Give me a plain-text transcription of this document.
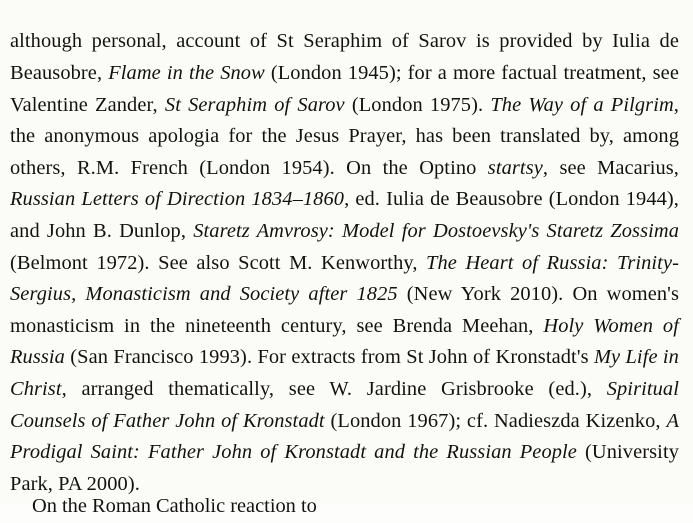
although personal, account of St Seraphim of Sarov is provided by Iulia de Beausobre, Flame in the Snow (London 1945); for a more factual treatment, see Valentine Zander, St Seraphim of Sarov (London 1975). The Way of a Pilgrim, the anonymous apologia for the Jesus Prayer, has been translated by, among others, R.M. French (London 1954). On the Optino startsy, see Macarius, Russian Letters of Direction 1834–1860, ed. Iulia de Beausobre (London 1944), and John B. Dunlop, Staretz Amvrosy: Model for Dostoevsky's Staretz Zossima (Belmont 1972). See also Scott M. Kenworthy, The Heart of Russia: Trinity-Sergius, Monasticism and Society after 1825 (New York 2010). On women's monasticism in the nineteenth century, see Brenda Meehan, Holy Women of Russia (San Francisco 1993). For extracts from St John of Kronstadt's My Life in Christ, arranged thematically, see W. Jardine Grisbrooke (ed.), Spiritual Counsels of Father John of Kronstadt (London 1967); cf. Nadieszda Kizenko, A Prodigal Saint: Father John of Kronstadt and the Russian People (University Park, PA 2000).

On the Roman Catholic reaction to
